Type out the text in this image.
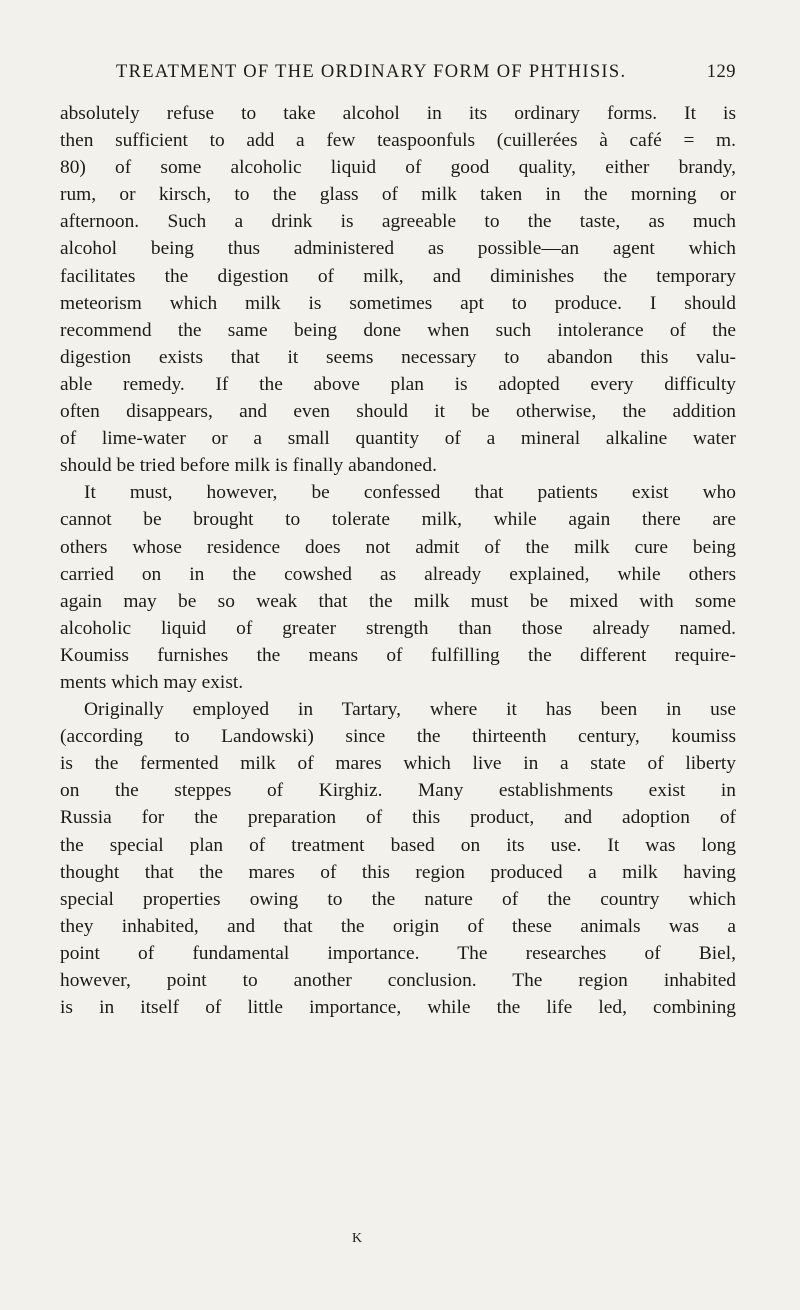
TREATMENT OF THE ORDINARY FORM OF PHTHISIS.	129
absolutely refuse to take alcohol in its ordinary forms. It is
then sufficient to add a few teaspoonfuls (cuillerées à café = m.
80) of some alcoholic liquid of good quality, either brandy,
rum, or kirsch, to the glass of milk taken in the morning or
afternoon. Such a drink is agreeable to the taste, as much
alcohol being thus administered as possible—an agent which
facilitates the digestion of milk, and diminishes the temporary
meteorism which milk is sometimes apt to produce. I should
recommend the same being done when such intolerance of the
digestion exists that it seems necessary to abandon this valu-
able remedy. If the above plan is adopted every difficulty
often disappears, and even should it be otherwise, the addition
of lime-water or a small quantity of a mineral alkaline water
should be tried before milk is finally abandoned.
It must, however, be confessed that patients exist who
cannot be brought to tolerate milk, while again there are
others whose residence does not admit of the milk cure being
carried on in the cowshed as already explained, while others
again may be so weak that the milk must be mixed with some
alcoholic liquid of greater strength than those already named.
Koumiss furnishes the means of fulfilling the different require-
ments which may exist.
Originally employed in Tartary, where it has been in use
(according to Landowski) since the thirteenth century, koumiss
is the fermented milk of mares which live in a state of liberty
on the steppes of Kirghiz. Many establishments exist in
Russia for the preparation of this product, and adoption of
the special plan of treatment based on its use. It was long
thought that the mares of this region produced a milk having
special properties owing to the nature of the country which
they inhabited, and that the origin of these animals was a
point of fundamental importance. The researches of Biel,
however, point to another conclusion. The region inhabited
is in itself of little importance, while the life led, combining
K
